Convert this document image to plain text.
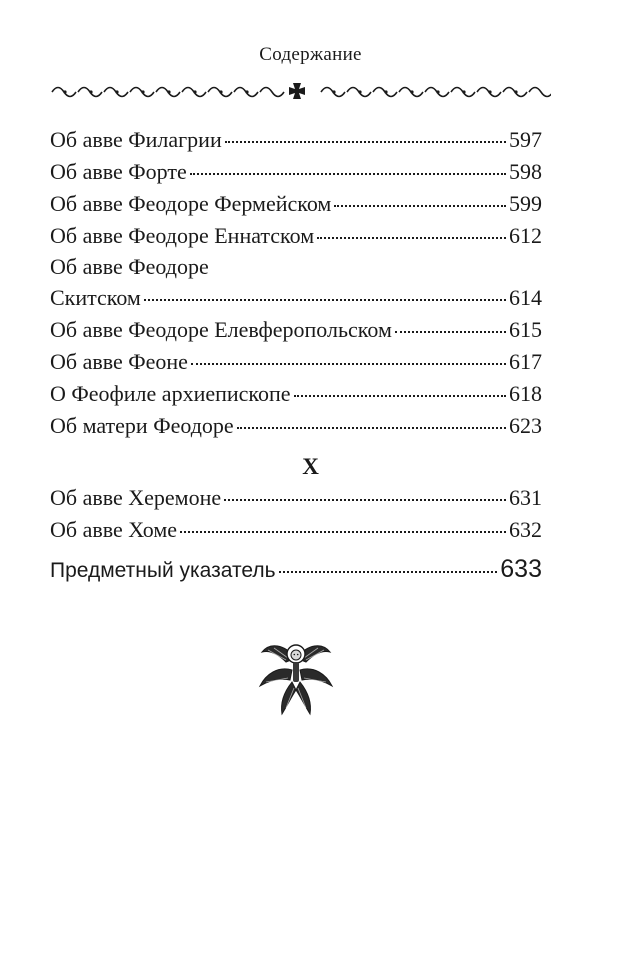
Содержание
Об авве Филагрии	597
Об авве Форте	598
Об авве Феодоре Фермейском	599
Об авве Феодоре Еннатском	612
Об авве Феодоре
Скитском	614
Об авве Феодоре Елевферопольском	615
Об авве Феоне	617
О Феофиле архиепископе	618
Об матери Феодоре	623
Х
Об авве Херемоне	631
Об авве Хоме	632
Предметный указатель	633
